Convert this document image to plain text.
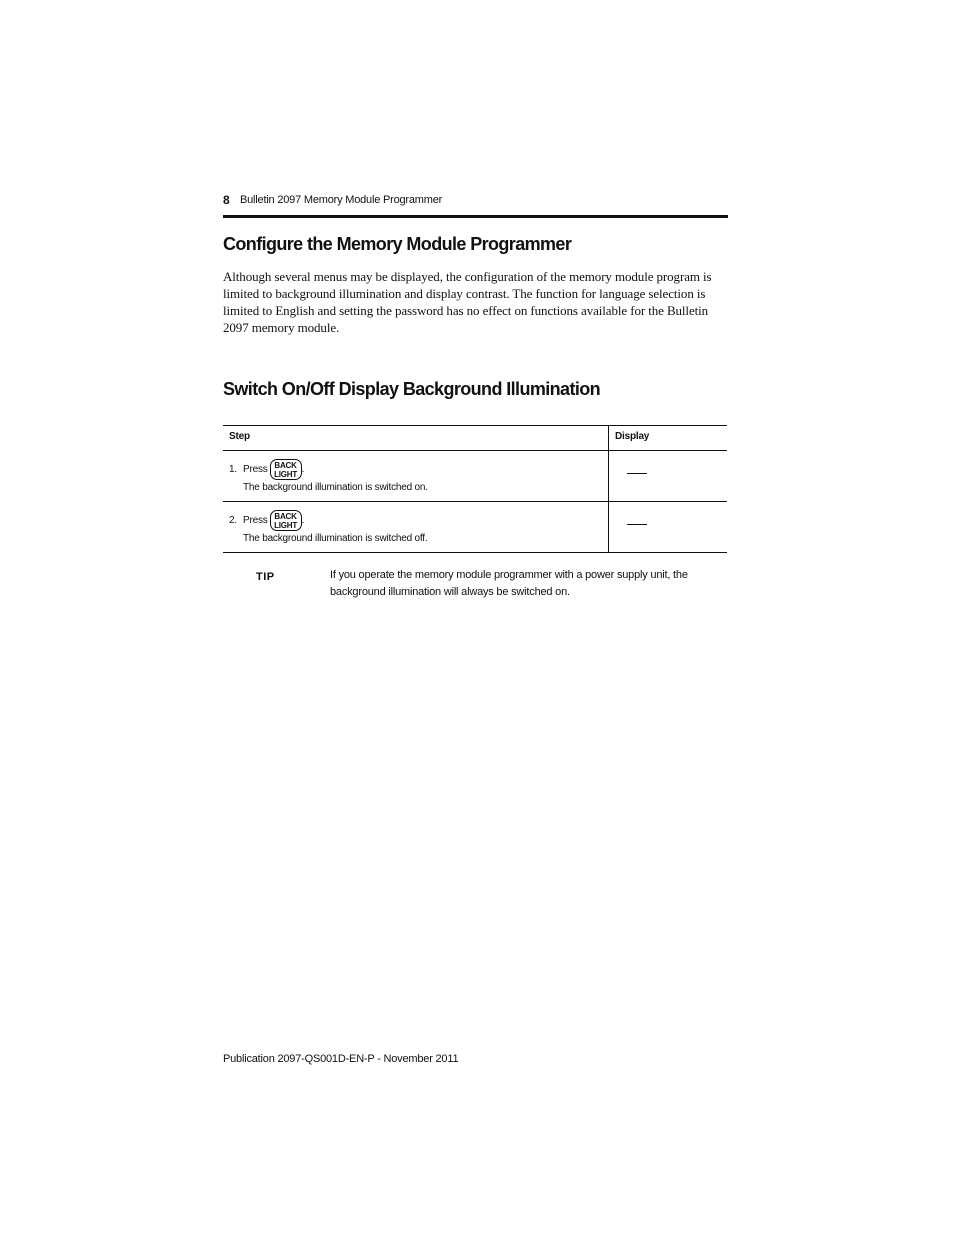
8 Bulletin 2097 Memory Module Programmer
Configure the Memory Module Programmer
Although several menus may be displayed, the configuration of the memory module program is limited to background illumination and display contrast. The function for language selection is limited to English and setting the password has no effect on functions available for the Bulletin 2097 memory module.
Switch On/Off Display Background Illumination
Step	Display
1. Press BACK
LIGHT .
The background illumination is switched on.
2. Press BACK
LIGHT .
The background illumination is switched off.
TIP	If you operate the memory module programmer with a power supply unit, the background illumination will always be switched on.
Publication 2097-QS001D-EN-P - November 2011
